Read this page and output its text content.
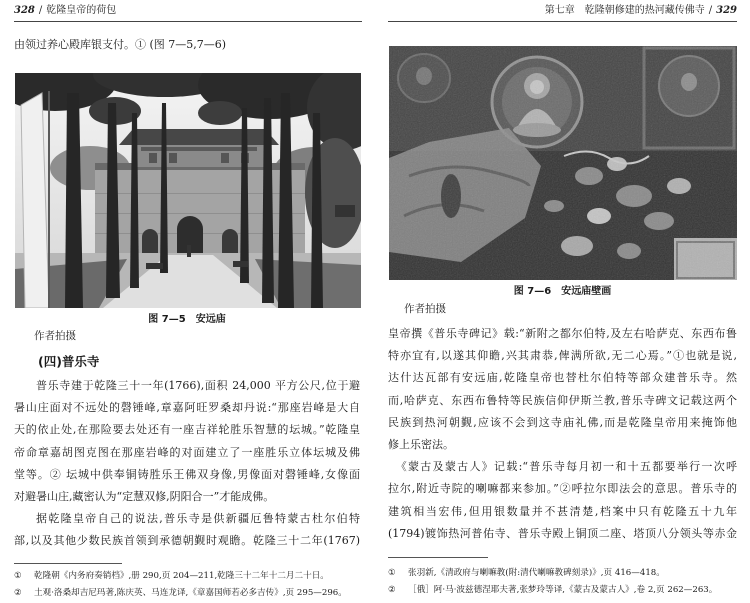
328 / 乾隆皇帝的荷包
由领过养心殿库银支付。① (图 7—5,7—6)
图 7—5 安远庙
作者拍摄
(四)普乐寺
普乐寺建于乾隆三十一年(1766),面积 24,000 平方公尺,位于避
暑山庄面对不远处的磬锤峰,章嘉阿旺罗桑却丹说:“那座岩峰是大自
天的依止处,在那险要去处还有一座吉祥轮胜乐智慧的坛城。”乾隆皇
帝命章嘉胡图克图在那座岩峰的对面建立了一座胜乐立体坛城及佛
堂等。② 坛城中供奉铜铸胜乐王佛双身像,男像面对磬锤峰,女像面
对避暑山庄,藏密认为“定慧双修,阴阳合一”才能成佛。
据乾隆皇帝自己的说法,普乐寺是供新疆厄鲁特蒙古杜尔伯特
部,以及其他少数民族首领到承德朝觐时观瞻。乾隆三十二年(1767)
① 乾隆朝《内务府奏销档》,册 290,页 204—211,乾隆三十二年十二月二十日。
② 土观·洛桑却吉尼玛著,陈庆英、马连龙译,《章嘉国师若必多吉传》,页 295—296。
第七章　乾隆朝修建的热河藏传佛寺 / 329
图 7—6 安远庙壁画
作者拍摄
皇帝撰《普乐寺碑记》载:“新附之都尔伯特,及左右哈萨克、东西布鲁
特亦宜有,以遂其仰瞻,兴其肃恭,俾满所欲,无二心焉。”①也就是说,
达什达瓦部有安远庙,乾隆皇帝也替杜尔伯特等部众建普乐寺。然
而,哈萨克、东西布鲁特等民族信仰伊斯兰教,普乐寺碑文记载这两个
民族到热河朝觐,应该不会到这寺庙礼佛,而是乾隆皇帝用来掩饰他
修上乐密法。
《蒙古及蒙古人》记载:“普乐寺每月初一和十五都要举行一次呼
拉尔,附近寺院的喇嘛都来参加。”②呼拉尔即法会的意思。普乐寺的
建筑相当宏伟,但用银数量并不甚清楚,档案中只有乾隆五十九年
(1794)镀饰热河普佑寺、普乐寺殿上铜顶二座、塔顶八分领头等赤金
① 张羽新,《清政府与喇嘛教(附:清代喇嘛教碑刻录)》,页 416—418。
② ［俄］阿·马·波兹德涅耶夫著,张梦玲等译,《蒙古及蒙古人》,卷 2,页 262—263。
